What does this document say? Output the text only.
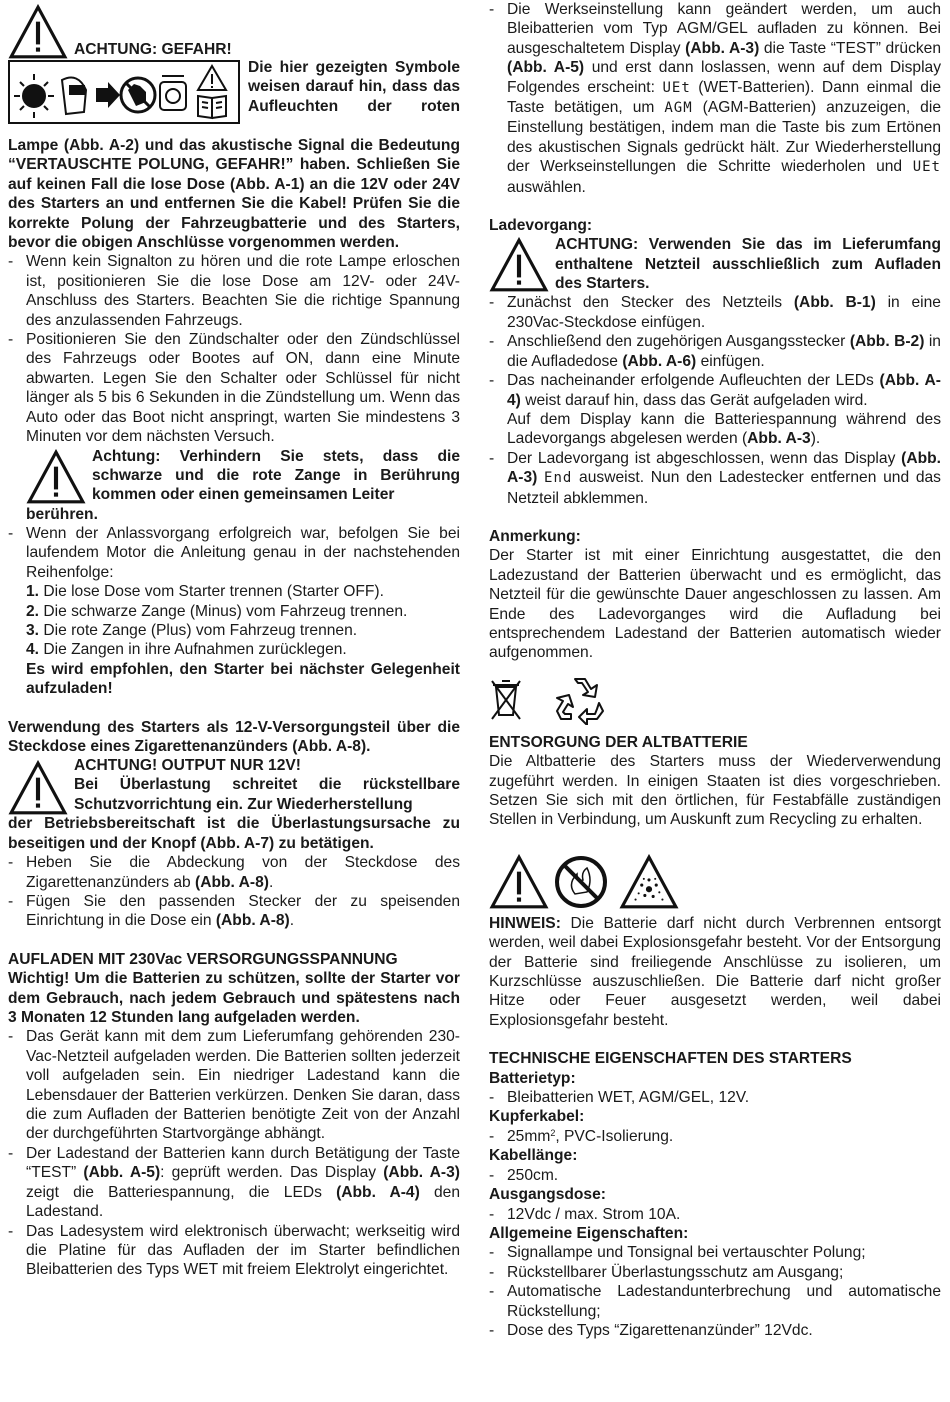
ACHTUNG: GEFAHR!
Die hier gezeigten Symbole weisen darauf hin, dass das Aufleuchten der roten
Lampe (Abb. A-2) und das akustische Signal die Bedeutung “VERTAUSCHTE POLUNG, GEFAHR!” haben. Schließen Sie auf keinen Fall die lose Dose (Abb. A-1) an die 12V oder 24V des Starters an und entfernen Sie die Kabel! Prüfen Sie die korrekte Polung der Fahrzeugbatterie und des Starters, bevor die obigen Anschlüsse vorgenommen werden.
- Wenn kein Signalton zu hören und die rote Lampe erloschen ist, positionieren Sie die lose Dose am 12V- oder 24V-Anschluss des Starters. Beachten Sie die richtige Spannung des anzulassenden Fahrzeugs.
- Positionieren Sie den Zündschalter oder den Zündschlüssel des Fahrzeugs oder Bootes auf ON, dann eine Minute abwarten. Legen Sie den Schalter oder Schlüssel für nicht länger als 5 bis 6 Sekunden in die Zündstellung um. Wenn das Auto oder das Boot nicht anspringt, warten Sie mindestens 3 Minuten vor dem nächsten Versuch.
Achtung: Verhindern Sie stets, dass die schwarze und die rote Zange in Berührung kommen oder einen gemeinsamen Leiter
berühren.
- Wenn der Anlassvorgang erfolgreich war, befolgen Sie bei laufendem Motor die Anleitung genau in der nachstehenden Reihenfolge:
1. Die lose Dose vom Starter trennen (Starter OFF).
2. Die schwarze Zange (Minus) vom Fahrzeug trennen.
3. Die rote Zange (Plus) vom Fahrzeug trennen.
4. Die Zangen in ihre Aufnahmen zurücklegen.
Es wird empfohlen, den Starter bei nächster Gelegenheit aufzuladen!
Verwendung des Starters als 12-V-Versorgungsteil über die Steckdose eines Zigarettenanzünders (Abb. A-8).
ACHTUNG! OUTPUT NUR 12V!
Bei Überlastung schreitet die rückstellbare Schutzvorrichtung ein. Zur Wiederherstellung
der Betriebsbereitschaft ist die Überlastungsursache zu beseitigen und der Knopf (Abb. A-7) zu betätigen.
- Heben Sie die Abdeckung von der Steckdose des Zigarettenanzünders ab (Abb. A-8).
- Fügen Sie den passenden Stecker der zu speisenden Einrichtung in die Dose ein (Abb. A-8).
AUFLADEN MIT 230Vac VERSORGUNGSSPANNUNG
Wichtig! Um die Batterien zu schützen, sollte der Starter vor dem Gebrauch, nach jedem Gebrauch und spätestens nach 3 Monaten 12 Stunden lang aufgeladen werden.
- Das Gerät kann mit dem zum Lieferumfang gehörenden 230-Vac-Netzteil aufgeladen werden. Die Batterien sollten jederzeit voll aufgeladen sein. Ein niedriger Ladestand kann die Lebensdauer der Batterien verkürzen. Denken Sie daran, dass die zum Aufladen der Batterien benötigte Zeit von der Anzahl der durchgeführten Startvorgänge abhängt.
- Der Ladestand der Batterien kann durch Betätigung der Taste “TEST” (Abb. A-5): geprüft werden. Das Display (Abb. A-3) zeigt die Batteriespannung, die LEDs (Abb. A-4) den Ladestand.
- Das Ladesystem wird elektronisch überwacht; werkseitig wird die Platine für das Aufladen der im Starter befindlichen Bleibatterien des Typs WET mit freiem Elektrolyt eingerichtet.
- Die Werkseinstellung kann geändert werden, um auch Bleibatterien vom Typ AGM/GEL aufladen zu können. Bei ausgeschaltetem Display (Abb. A-3) die Taste “TEST” drücken (Abb. A-5) und erst dann loslassen, wenn auf dem Display Folgendes erscheint: UEt (WET-Batterien). Dann einmal die Taste betätigen, um AGM (AGM-Batterien) anzuzeigen, die Einstellung bestätigen, indem man die Taste bis zum Ertönen des akustischen Signals gedrückt hält. Zur Wiederherstellung der Werkseinstellungen die Schritte wiederholen und UEt auswählen.
Ladevorgang:
ACHTUNG: Verwenden Sie das im Lieferumfang enthaltene Netzteil ausschließlich zum Aufladen des Starters.
- Zunächst den Stecker des Netzteils (Abb. B-1) in eine 230Vac-Steckdose einfügen.
- Anschließend den zugehörigen Ausgangsstecker (Abb. B-2) in die Aufladedose (Abb. A-6) einfügen.
- Das nacheinander erfolgende Aufleuchten der LEDs (Abb. A-4) weist darauf hin, dass das Gerät aufgeladen wird.
Auf dem Display kann die Batteriespannung während des Ladevorgangs abgelesen werden (Abb. A-3).
- Der Ladevorgang ist abgeschlossen, wenn das Display (Abb. A-3) End ausweist. Nun den Ladestecker entfernen und das Netzteil abklemmen.
Anmerkung:
Der Starter ist mit einer Einrichtung ausgestattet, die den Ladezustand der Batterien überwacht und es ermöglicht, das Netzteil für die gewünschte Dauer angeschlossen zu lassen. Am Ende des Ladevorganges wird die Aufladung bei entsprechendem Ladestand der Batterien automatisch wieder aufgenommen.
ENTSORGUNG DER ALTBATTERIE
Die Altbatterie des Starters muss der Wiederverwendung zugeführt werden. In einigen Staaten ist dies vorgeschrieben. Setzen Sie sich mit den örtlichen, für Festabfälle zuständigen Stellen in Verbindung, um Auskunft zum Recycling zu erhalten.
HINWEIS: Die Batterie darf nicht durch Verbrennen entsorgt werden, weil dabei Explosionsgefahr besteht. Vor der Entsorgung der Batterie sind freiliegende Anschlüsse zu isolieren, um Kurzschlüsse auszuschließen. Die Batterie darf nicht großer Hitze oder Feuer ausgesetzt werden, weil dabei Explosionsgefahr besteht.
TECHNISCHE EIGENSCHAFTEN DES STARTERS
Batterietyp:
- Bleibatterien WET, AGM/GEL, 12V.
Kupferkabel:
- $25mm^2$, PVC-Isolierung.
Kabellänge:
- 250cm.
Ausgangsdose:
- 12Vdc / max. Strom 10A.
Allgemeine Eigenschaften:
- Signallampe und Tonsignal bei vertauschter Polung;
- Rückstellbarer Überlastungsschutz am Ausgang;
- Automatische Ladestandunterbrechung und automatische Rückstellung;
- Dose des Typs “Zigarettenanzünder” 12Vdc.
